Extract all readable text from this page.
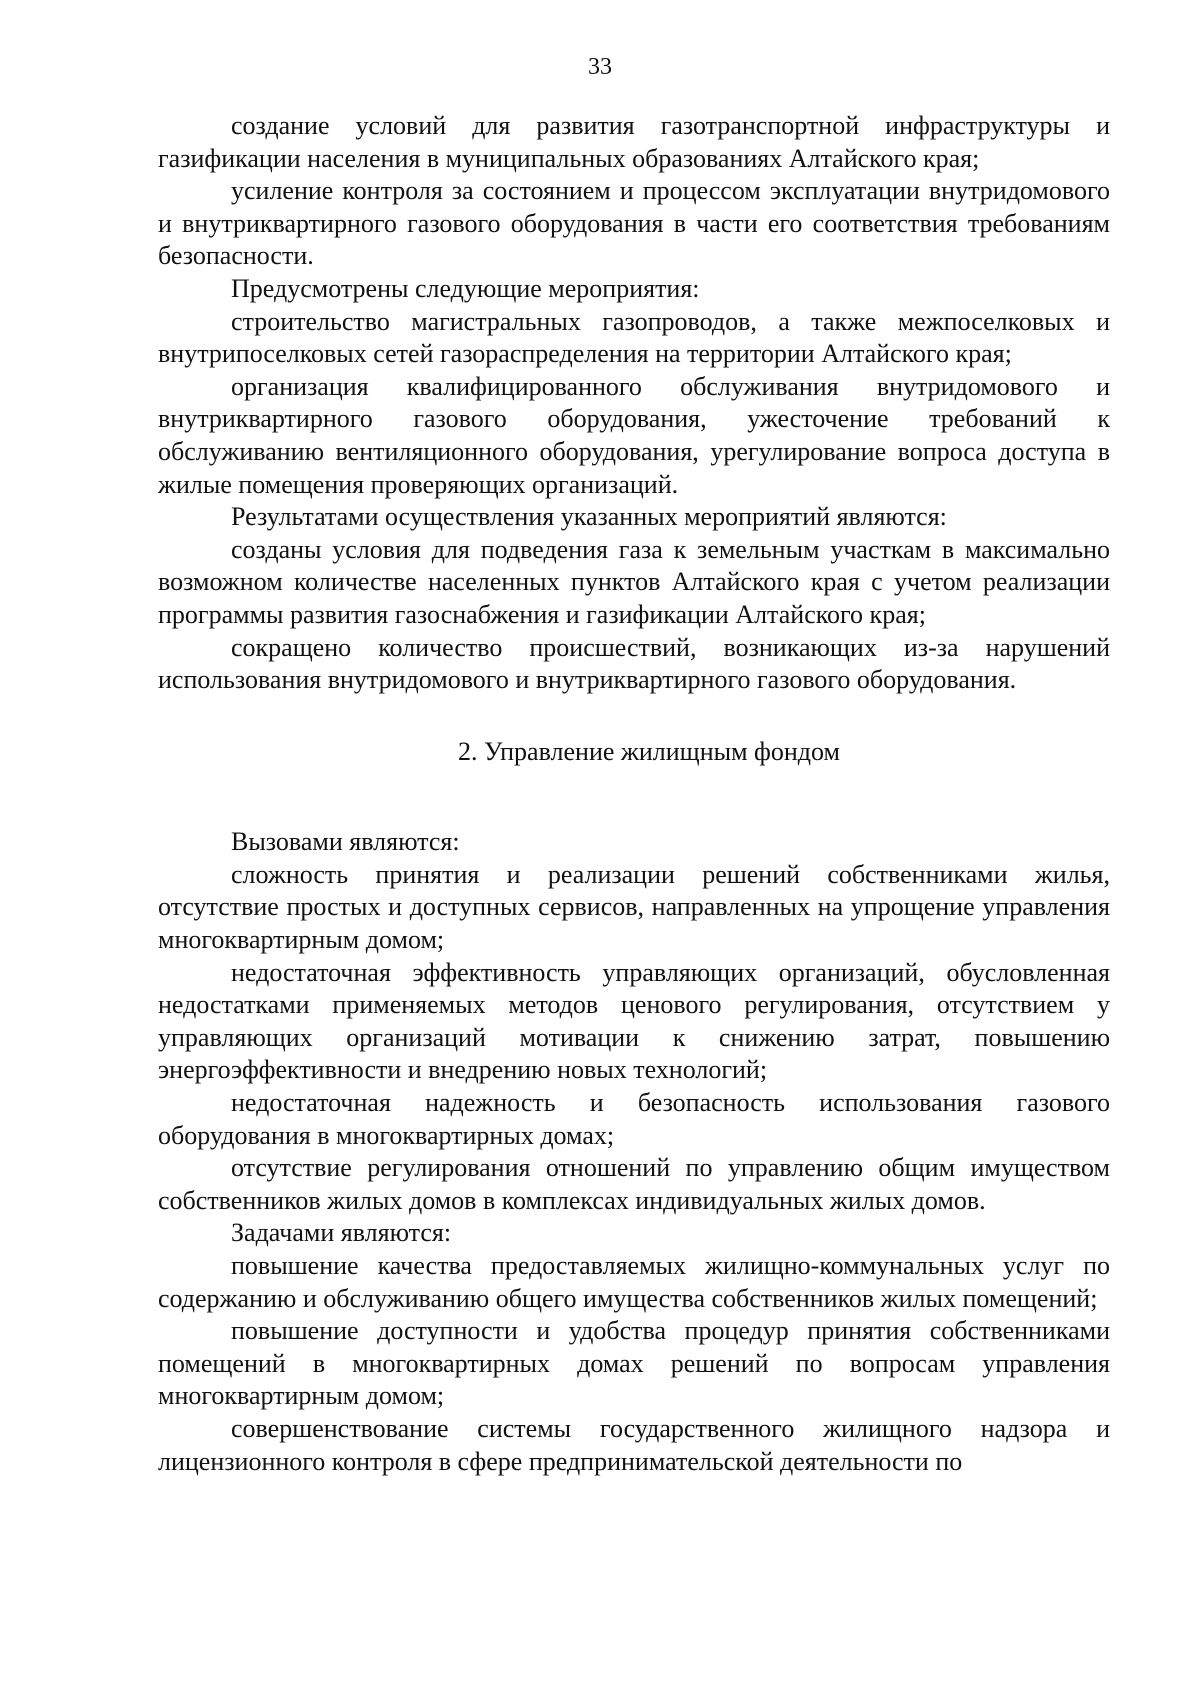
33

создание условий для развития газотранспортной инфраструктуры и газификации населения в муниципальных образованиях Алтайского края;

усиление контроля за состоянием и процессом эксплуатации внутридомового и внутриквартирного газового оборудования в части его соответствия требованиям безопасности.

Предусмотрены следующие мероприятия:

строительство магистральных газопроводов, а также межпоселковых и внутрипоселковых сетей газораспределения на территории Алтайского края;

организация квалифицированного обслуживания внутридомового и внутриквартирного газового оборудования, ужесточение требований к обслуживанию вентиляционного оборудования, урегулирование вопроса доступа в жилые помещения проверяющих организаций.

Результатами осуществления указанных мероприятий являются:

созданы условия для подведения газа к земельным участкам в максимально возможном количестве населенных пунктов Алтайского края с учетом реализации программы развития газоснабжения и газификации Алтайского края;

сокращено количество происшествий, возникающих из-за нарушений использования внутридомового и внутриквартирного газового оборудования.

2. Управление жилищным фондом

Вызовами являются:

сложность принятия и реализации решений собственниками жилья, отсутствие простых и доступных сервисов, направленных на упрощение управления многоквартирным домом;

недостаточная эффективность управляющих организаций, обусловленная недостатками применяемых методов ценового регулирования, отсутствием у управляющих организаций мотивации к снижению затрат, повышению энергоэффективности и внедрению новых технологий;

недостаточная надежность и безопасность использования газового оборудования в многоквартирных домах;

отсутствие регулирования отношений по управлению общим имуществом собственников жилых домов в комплексах индивидуальных жилых домов.

Задачами являются:

повышение качества предоставляемых жилищно-коммунальных услуг по содержанию и обслуживанию общего имущества собственников жилых помещений;

повышение доступности и удобства процедур принятия собственниками помещений в многоквартирных домах решений по вопросам управления многоквартирным домом;

совершенствование системы государственного жилищного надзора и лицензионного контроля в сфере предпринимательской деятельности по
